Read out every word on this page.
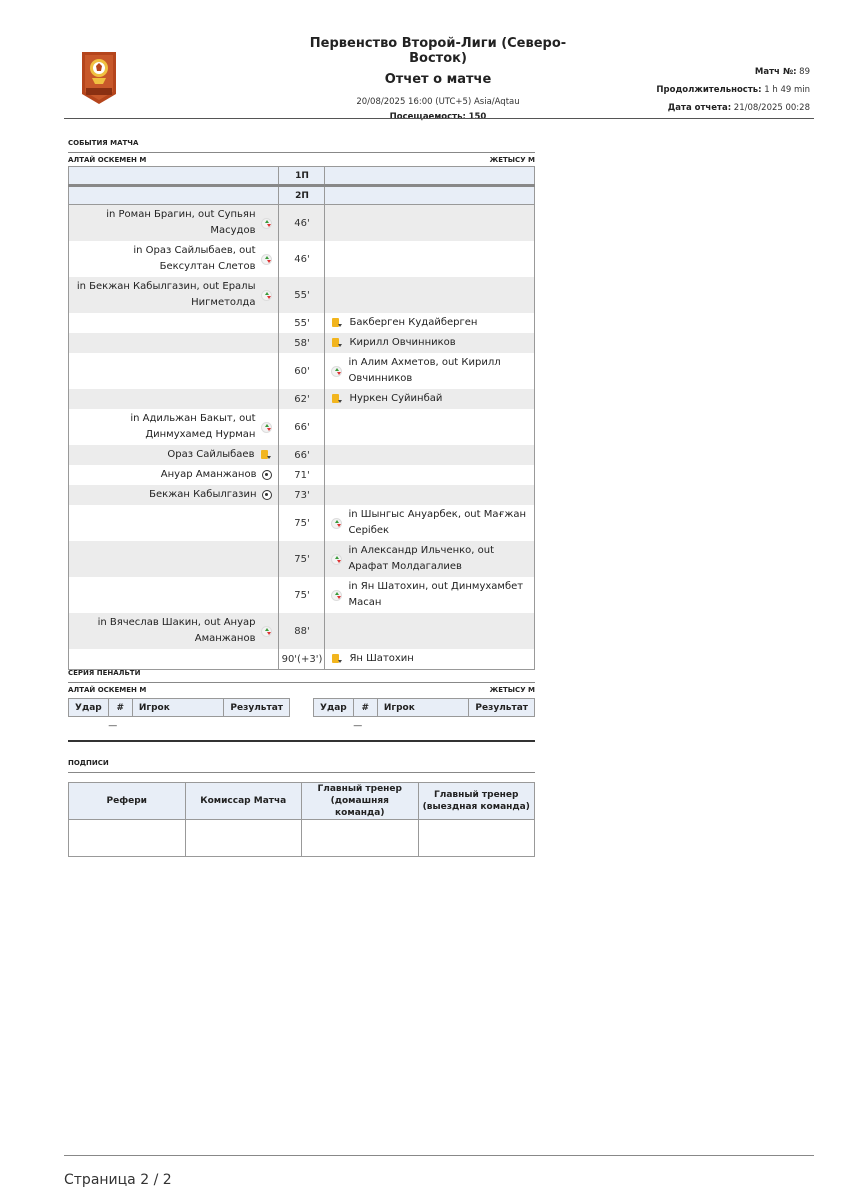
Первенство Второй-Лиги (Северо-Восток)
Отчет о матче
20/08/2025 16:00 (UTC+5) Asia/Aqtau
Посещаемость: 150
Матч №: 89
Продолжительность: 1 h 49 min
Дата отчета: 21/08/2025 00:28
СОБЫТИЯ МАТЧА
АЛТАЙ ОСКЕМЕН М	ЖЕТЫСУ М
	1П	
	2П	

in Роман Брагин, out Супьян Масудов	46'	

in Ораз Сайлыбаев, out Бексултан Слетов	46'	

in Бекжан Кабылгазин, out Ералы Нигметолда	55'	
	55'	Бакберген Кудайберген

	58'	Кирилл Овчинников

	60'	in Алим Ахметов, out Кирилл Овчинников

	62'	Нуркен Суйинбай

in Адильжан Бакыт, out Динмухамед Нурман	66'	

Ораз Сайлыбаев	66'	

Ануар Аманжанов	71'	

Бекжан Кабылгазин	73'	
	75'	in Шынгыс Ануарбек, out Мағжан Серібек

	75'	in Александр Ильченко, out Арафат Молдагалиев

	75'	in Ян Шатохин, out Динмухамбет Масан

in Вячеслав Шакин, out Ануар Аманжанов	88'	
	90'(+3')	Ян Шатохин
СЕРИЯ ПЕНАЛЬТИ
АЛТАЙ ОСКЕМЕН М	ЖЕТЫСУ М
Удар	#	Игрок	Результат
	—		
Удар	#	Игрок	Результат
	—		
ПОДПИСИ
Рефери	Комиссар Матча	Главный тренер (домашняя команда)	Главный тренер (выездная команда)

Страница 2 / 2
